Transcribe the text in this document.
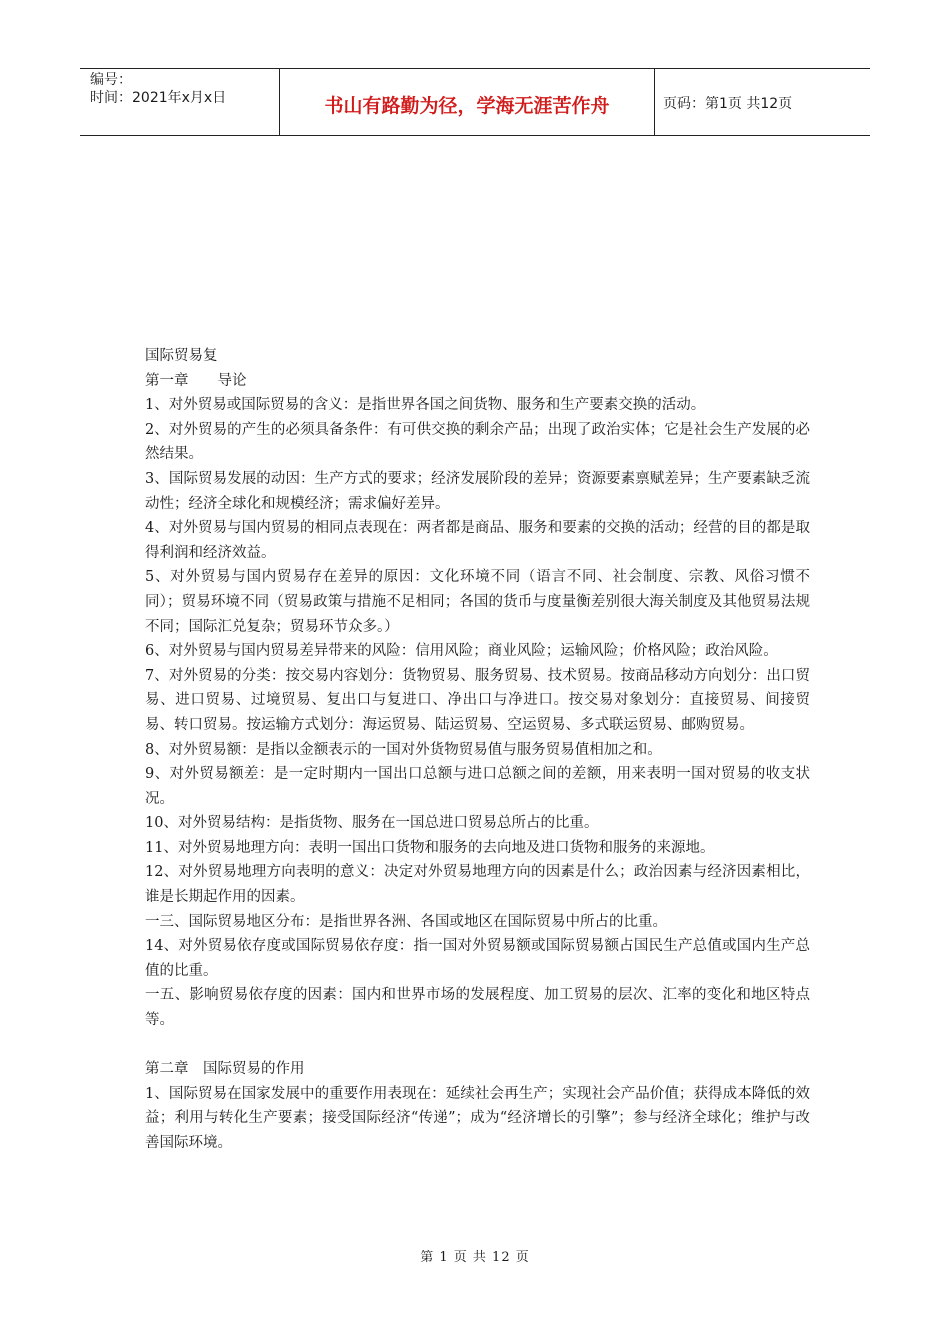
编号：
时间：2021年x月x日	书山有路勤为径，学海无涯苦作舟	页码：第1页 共12页

国际贸易复

第一章　　导论

1、对外贸易或国际贸易的含义：是指世界各国之间货物、服务和生产要素交换的活动。

2、对外贸易的产生的必须具备条件：有可供交换的剩余产品；出现了政治实体；它是社会生产发展的必然结果。

3、国际贸易发展的动因：生产方式的要求；经济发展阶段的差异；资源要素禀赋差异；生产要素缺乏流动性；经济全球化和规模经济；需求偏好差异。

4、对外贸易与国内贸易的相同点表现在：两者都是商品、服务和要素的交换的活动；经营的目的都是取得利润和经济效益。

5、对外贸易与国内贸易存在差异的原因：文化环境不同（语言不同、社会制度、宗教、风俗习惯不同）；贸易环境不同（贸易政策与措施不足相同；各国的货币与度量衡差别很大海关制度及其他贸易法规不同；国际汇兑复杂；贸易环节众多。）

6、对外贸易与国内贸易差异带来的风险：信用风险；商业风险；运输风险；价格风险；政治风险。

7、对外贸易的分类：按交易内容划分：货物贸易、服务贸易、技术贸易。按商品移动方向划分：出口贸易、进口贸易、过境贸易、复出口与复进口、净出口与净进口。按交易对象划分：直接贸易、间接贸易、转口贸易。按运输方式划分：海运贸易、陆运贸易、空运贸易、多式联运贸易、邮购贸易。

8、对外贸易额：是指以金额表示的一国对外货物贸易值与服务贸易值相加之和。

9、对外贸易额差：是一定时期内一国出口总额与进口总额之间的差额，用来表明一国对贸易的收支状况。

10、对外贸易结构：是指货物、服务在一国总进口贸易总所占的比重。

11、对外贸易地理方向：表明一国出口货物和服务的去向地及进口货物和服务的来源地。

12、对外贸易地理方向表明的意义：决定对外贸易地理方向的因素是什么；政治因素与经济因素相比，谁是长期起作用的因素。

一三、国际贸易地区分布：是指世界各洲、各国或地区在国际贸易中所占的比重。

14、对外贸易依存度或国际贸易依存度：指一国对外贸易额或国际贸易额占国民生产总值或国内生产总值的比重。

一五、影响贸易依存度的因素：国内和世界市场的发展程度、加工贸易的层次、汇率的变化和地区特点等。

第二章　国际贸易的作用

1、国际贸易在国家发展中的重要作用表现在：延续社会再生产；实现社会产品价值；获得成本降低的效益；利用与转化生产要素；接受国际经济“传递”；成为“经济增长的引擎”；参与经济全球化；维护与改善国际环境。

第 1 页 共 12 页
